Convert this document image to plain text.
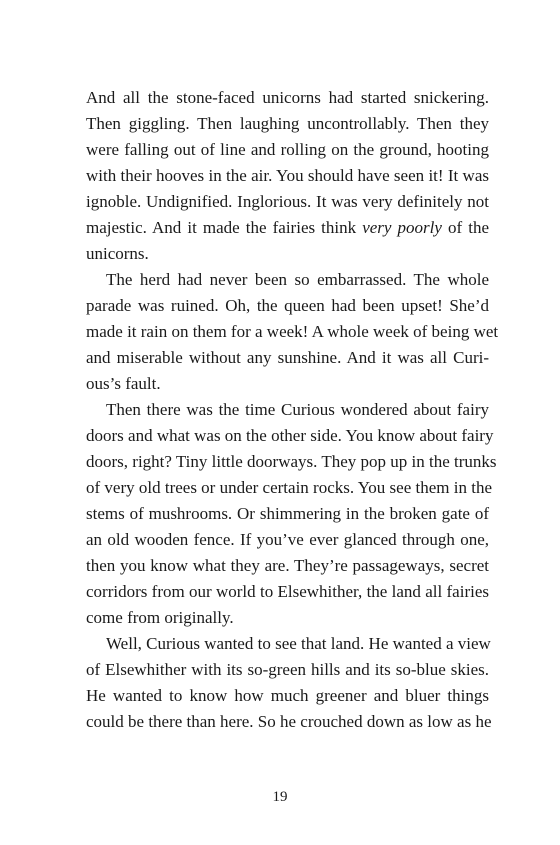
And all the stone-faced unicorns had started snickering.
Then giggling. Then laughing uncontrollably. Then they
were falling out of line and rolling on the ground, hooting
with their hooves in the air. You should have seen it! It was
ignoble. Undignified. Inglorious. It was very definitely not
majestic. And it made the fairies think very poorly of the
unicorns.
The herd had never been so embarrassed. The whole
parade was ruined. Oh, the queen had been upset! She’d
made it rain on them for a week! A whole week of being wet
and miserable without any sunshine. And it was all Curi-
ous’s fault.
Then there was the time Curious wondered about fairy
doors and what was on the other side. You know about fairy
doors, right? Tiny little doorways. They pop up in the trunks
of very old trees or under certain rocks. You see them in the
stems of mushrooms. Or shimmering in the broken gate of
an old wooden fence. If you’ve ever glanced through one,
then you know what they are. They’re passageways, secret
corridors from our world to Elsewhither, the land all fairies
come from originally.
Well, Curious wanted to see that land. He wanted a view
of Elsewhither with its so-green hills and its so-blue skies.
He wanted to know how much greener and bluer things
could be there than here. So he crouched down as low as he
19
